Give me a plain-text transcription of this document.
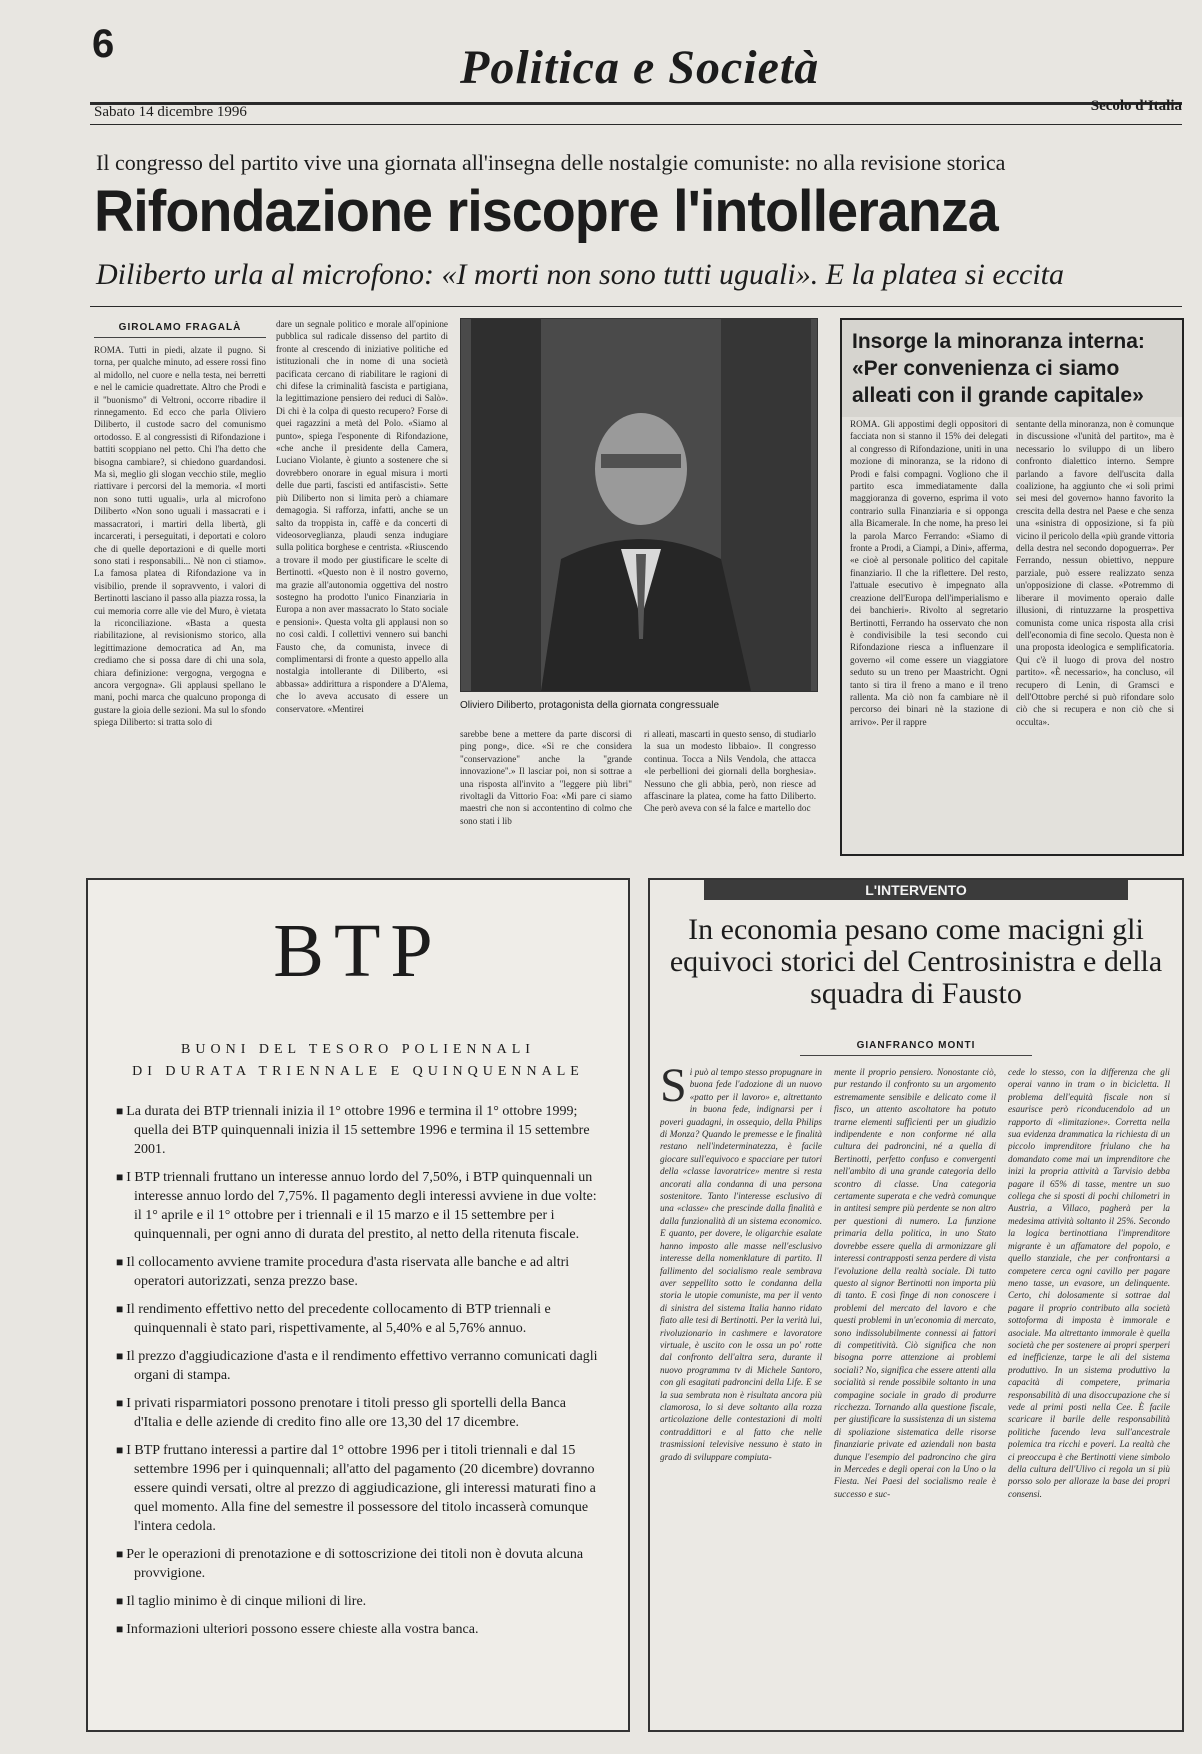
6	Politica e Società
Sabato 14 dicembre 1996	Secolo d'Italia
Il congresso del partito vive una giornata all'insegna delle nostalgie comuniste: no alla revisione storica
Rifondazione riscopre l'intolleranza
Diliberto urla al microfono: «I morti non sono tutti uguali». E la platea si eccita
GIROLAMO FRAGALÀ
ROMA. Tutti in piedi, alzate il pugno. Si torna, per qualche minuto, ad essere rossi fino al midollo, nel cuore e nella testa, nei berretti e nel le camicie quadrettate. Altro che Prodi e il "buonismo" di Veltroni, occorre ribadire il rinnegamento. Ed ecco che parla Oliviero Diliberto, il custode sacro del comunismo ortodosso. E al congressisti di Rifondazione i battiti scoppiano nel petto. Chi l'ha detto che bisogna cambiare?, si chiedono guardandosi. Ma sì, meglio gli slogan vecchio stile, meglio riattivare i percorsi del la memoria. «I morti non sono tutti uguali», urla al microfono Diliberto «Non sono uguali i massacrati e i massacratori, i martiri della libertà, gli incarcerati, i perseguitati, i deportati e coloro che di quelle deportazioni e di quelle morti sono stati i responsabili... Nè non ci stiamo». La famosa platea di Rifondazione va in visibilio, prende il sopravvento, i valori di Bertinotti lasciano il passo alla piazza rossa, la cui memoria corre alle vie del Muro, è vietata la riconciliazione. «Basta a questa riabilitazione, al revisionismo storico, alla legittimazione democratica ad An, ma crediamo che si possa dare di chi una sola, chiara definizione: vergogna, vergogna e ancora vergogna». Gli applausi spellano le mani, pochi marca che qualcuno proponga di gustare la gioia delle sezioni. Ma sul lo sfondo spiega Diliberto: si tratta solo di
dare un segnale politico e morale all'opinione pubblica sul radicale dissenso del partito di fronte al crescendo di iniziative politiche ed istituzionali che in nome di una società pacificata cercano di riabilitare le ragioni di chi difese la criminalità fascista e partigiana, la legittimazione pensiero dei reduci di Salò». Di chi è la colpa di questo recupero? Forse di quei ragazzini a metà del Polo. «Siamo al punto», spiega l'esponente di Rifondazione, «che anche il presidente della Camera, Luciano Violante, è giunto a sostenere che si dovrebbero onorare in egual misura i morti delle due parti, fascisti ed antifascisti». Sette più Diliberto non si limita però a chiamare demagogia. Si rafforza, infatti, anche se un salto da troppista in, caffè e da concerti di videosorveglianza, plaudi senza indugiare sulla politica borghese e centrista. «Riuscendo a trovare il modo per giustificare le scelte di Bertinotti. «Questo non è il nostro governo, ma grazie all'autonomia oggettiva del nostro sostegno ha prodotto l'unico Finanziaria in Europa a non aver massacrato lo Stato sociale e pensioni». Questa volta gli applausi non so no così caldi. I collettivi vennero sui banchi Fausto che, da comunista, invece di complimentarsi di fronte a questo appello alla nostalgia intollerante di Diliberto, «si abbassa» addirittura a rispondere a D'Alema, che lo aveva accusato di essere un conservatore. «Mentirei	Oliviero Diliberto, protagonista della giornata congressuale
sarebbe bene a mettere da parte discorsi di ping pong», dice. «Si re che considera "conservazione" anche la "grande innovazione".» Il lasciar poi, non si sottrae a una risposta all'invito a "leggere più libri" rivoltagli da Vittorio Foa: «Mi pare ci siamo maestri che non si accontentino di colmo che sono stati i lib
ri alleati, mascarti in questo senso, di studiarlo la sua un modesto libbaio». Il congresso continua. Tocca a Nils Vendola, che attacca «le perbellioni dei giornali della borghesia». Nessuno che gli abbia, però, non riesce ad affascinare la platea, come ha fatto Diliberto. Che però aveva con sé la falce e martello doc
Insorge la minoranza interna: «Per convenienza ci siamo alleati con il grande capitale»
ROMA. Gli appostimi degli oppositori di facciata non si stanno il 15% dei delegati al congresso di Rifondazione, uniti in una mozione di minoranza, se la ridono di Prodi e falsi compagni. Vogliono che il partito esca immediatamente dalla maggioranza di governo, esprima il voto contrario sulla Finanziaria e si opponga alla Bicamerale. In che nome, ha preso lei la parola Marco Ferrando: «Siamo di fronte a Prodi, a Ciampi, a Dini», afferma, «e cioè al personale politico del capitale finanziario. Il che la riflettere. Del resto, l'attuale esecutivo è impegnato alla creazione dell'Europa dell'imperialismo e dei banchieri». Rivolto al segretario Bertinotti, Ferrando ha osservato che non è condivisibile la tesi secondo cui Rifondazione riesca a influenzare il governo «il come essere un viaggiatore seduto su un treno per Maastricht. Ogni tanto si tira il freno a mano e il treno rallenta. Ma ciò non fa cambiare nè il percorso dei binari nè la stazione di arrivo». Per il rappre
sentante della minoranza, non è comunque in discussione «l'unità del partito», ma è necessario lo sviluppo di un libero confronto dialettico interno. Sempre parlando a favore dell'uscita dalla coalizione, ha aggiunto che «i soli primi sei mesi del governo» hanno favorito la crescita della destra nel Paese e che senza una «sinistra di opposizione, si fa più vicino il pericolo della «più grande vittoria della destra nel secondo dopoguerra». Per Ferrando, nessun obiettivo, neppure parziale, può essere realizzato senza un'opposizione di classe. «Potremmo di liberare il movimento operaio dalle illusioni, di rintuzzarne la prospettiva comunista come unica risposta alla crisi dell'economia di fine secolo. Questa non è una proposta ideologica e semplificatoria. Qui c'è il luogo di prova del nostro partito». «È necessario», ha concluso, «il recupero di Lenin, di Gramsci e dell'Ottobre perché si può rifondare solo ciò che si recupera e non ciò che si occulta».
BTP
BUONI DEL TESORO POLIENNALI
DI DURATA TRIENNALE E QUINQUENNALE
■ La durata dei BTP triennali inizia il 1° ottobre 1996 e termina il 1° ottobre 1999; quella dei BTP quinquennali inizia il 15 settembre 1996 e termina il 15 settembre 2001.
■ I BTP triennali fruttano un interesse annuo lordo del 7,50%, i BTP quinquennali un interesse annuo lordo del 7,75%. Il pagamento degli interessi avviene in due volte: il 1° aprile e il 1° ottobre per i triennali e il 15 marzo e il 15 settembre per i quinquennali, per ogni anno di durata del prestito, al netto della ritenuta fiscale.
■ Il collocamento avviene tramite procedura d'asta riservata alle banche e ad altri operatori autorizzati, senza prezzo base.
■ Il rendimento effettivo netto del precedente collocamento di BTP triennali e quinquennali è stato pari, rispettivamente, al 5,40% e al 5,76% annuo.
■ Il prezzo d'aggiudicazione d'asta e il rendimento effettivo verranno comunicati dagli organi di stampa.
■ I privati risparmiatori possono prenotare i titoli presso gli sportelli della Banca d'Italia e delle aziende di credito fino alle ore 13,30 del 17 dicembre.
■ I BTP fruttano interessi a partire dal 1° ottobre 1996 per i titoli triennali e dal 15 settembre 1996 per i quinquennali; all'atto del pagamento (20 dicembre) dovranno essere quindi versati, oltre al prezzo di aggiudicazione, gli interessi maturati fino a quel momento. Alla fine del semestre il possessore del titolo incasserà comunque l'intera cedola.
■ Per le operazioni di prenotazione e di sottoscrizione dei titoli non è dovuta alcuna provvigione.
■ Il taglio minimo è di cinque milioni di lire.
■ Informazioni ulteriori possono essere chieste alla vostra banca.
L'INTERVENTO
In economia pesano come macigni gli equivoci storici del Centrosinistra e della squadra di Fausto
GIANFRANCO MONTI
Si può al tempo stesso propugnare in buona fede l'adozione di un nuovo «patto per il lavoro» e, altrettanto in buona fede, indignarsi per i poveri guadagni, in ossequio, della Philips di Monza? Quando le premesse e le finalità restano nell'indeterminatezza, è facile giocare sull'equivoco e spacciare per tutori della «classe lavoratrice» mentre si resta ancorati alla condanna di una persona sostenitore. Tanto l'interesse esclusivo di una «classe» che prescinde dalla finalità e dalla funzionalità di un sistema economico. E quanto, per dovere, le oligarchie esalate hanno imposto alle masse nell'esclusivo interesse della nomenklature di partito. Il fallimento del socialismo reale sembrava aver seppellito sotto le condanna della storia le utopie comuniste, ma per il vento di sinistra del sistema Italia hanno ridato fiato alle tesi di Bertinotti. Per la verità lui, rivoluzionario in cashmere e lavoratore virtuale, è uscito con le ossa un po' rotte dal confronto dell'altra sera, durante il nuovo programma tv di Michele Santoro, con gli esagitati padroncini della Life. E se la sua sembrata non è risultata ancora più clamorosa, lo si deve soltanto alla rozza articolazione delle contestazioni di molti contraddittori e al fatto che nelle trasmissioni televisive nessuno è stato in grado di sviluppare compiuta-
mente il proprio pensiero. Nonostante ciò, pur restando il confronto su un argomento estremamente sensibile e delicato come il fisco, un attento ascoltatore ha potuto trarne elementi sufficienti per un giudizio indipendente e non conforme né alla cultura dei padroncini, né a quella di Bertinotti, perfetto confuso e convergenti nell'ambito di una grande categoria dello scontro di classe. Una categoria certamente superata e che vedrà comunque in antitesi sempre più perdente se non altro per questioni di numero. La funzione primaria della politica, in uno Stato dovrebbe essere quella di armonizzare gli interessi contrapposti senza perdere di vista l'evoluzione della realtà sociale. Di tutto questo al signor Bertinotti non importa più di tanto. E così finge di non conoscere i problemi del mercato del lavoro e che questi problemi in un'economia di mercato, sono indissolubilmente connessi ai fattori di competitività. Ciò significa che non bisogna porre attenzione ai problemi sociali? No, significa che essere attenti alla socialità si rende possibile soltanto in una compagine sociale in grado di produrre ricchezza. Tornando alla questione fiscale, per giustificare la sussistenza di un sistema di spoliazione sistematica delle risorse finanziarie private ed aziendali non basta dunque l'esempio del padroncino che gira in Mercedes e degli operai con la Uno o la Fiesta. Nei Paesi del socialismo reale è successo e suc-
cede lo stesso, con la differenza che gli operai vanno in tram o in bicicletta. Il problema dell'equità fiscale non si esaurisce però riconducendolo ad un rapporto di «limitazione». Corretta nella sua evidenza drammatica la richiesta di un piccolo imprenditore friulano che ha domandato come mai un imprenditore che inizi la propria attività a Tarvisio debba pagare il 65% di tasse, mentre un suo collega che si sposti di pochi chilometri in Austria, a Villaco, pagherà per la medesima attività soltanto il 25%. Secondo la logica bertinottiana l'imprenditore migrante è un affamatore del popolo, e quello stanziale, che per confrontarsi a competere cerca ogni cavillo per pagare meno tasse, un evasore, un delinquente. Certo, chi dolosamente si sottrae dal pagare il proprio contributo alla società sottoforma di imposta è immorale e asociale. Ma altrettanto immorale è quella società che per sostenere ai propri sperperi ed inefficienze, tarpe le ali del sistema produttivo. In un sistema produttivo la capacità di competere, primaria responsabilità di una disoccupazione che si vede al primi posti nella Cee. È facile scaricare il barile delle responsabilità politiche facendo leva sull'ancestrale polemica tra ricchi e poveri. La realtà che ci preoccupa è che Bertinotti viene simbolo della cultura dell'Ulivo ci regola un si più porsso solo per alloraze la base dei propri consensi.
